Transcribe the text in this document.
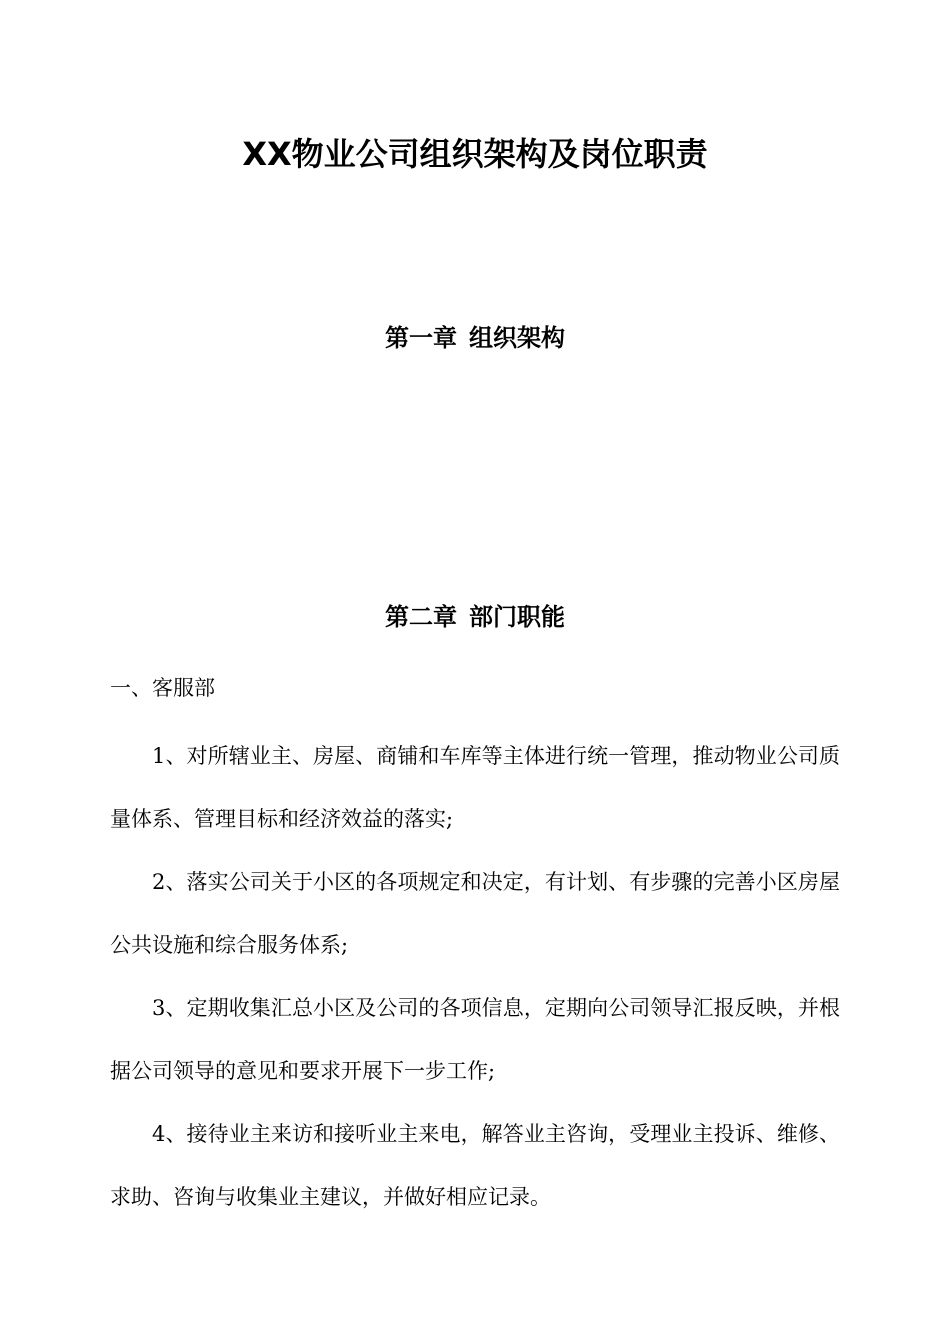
XX物业公司组织架构及岗位职责
第一章 组织架构
第二章 部门职能

一、客服部

1、对所辖业主、房屋、商铺和车库等主体进行统一管理，推动物业公司质量体系、管理目标和经济效益的落实;

2、落实公司关于小区的各项规定和决定，有计划、有步骤的完善小区房屋公共设施和综合服务体系;

3、定期收集汇总小区及公司的各项信息，定期向公司领导汇报反映，并根据公司领导的意见和要求开展下一步工作;

4、接待业主来访和接听业主来电，解答业主咨询，受理业主投诉、维修、求助、咨询与收集业主建议，并做好相应记录。
